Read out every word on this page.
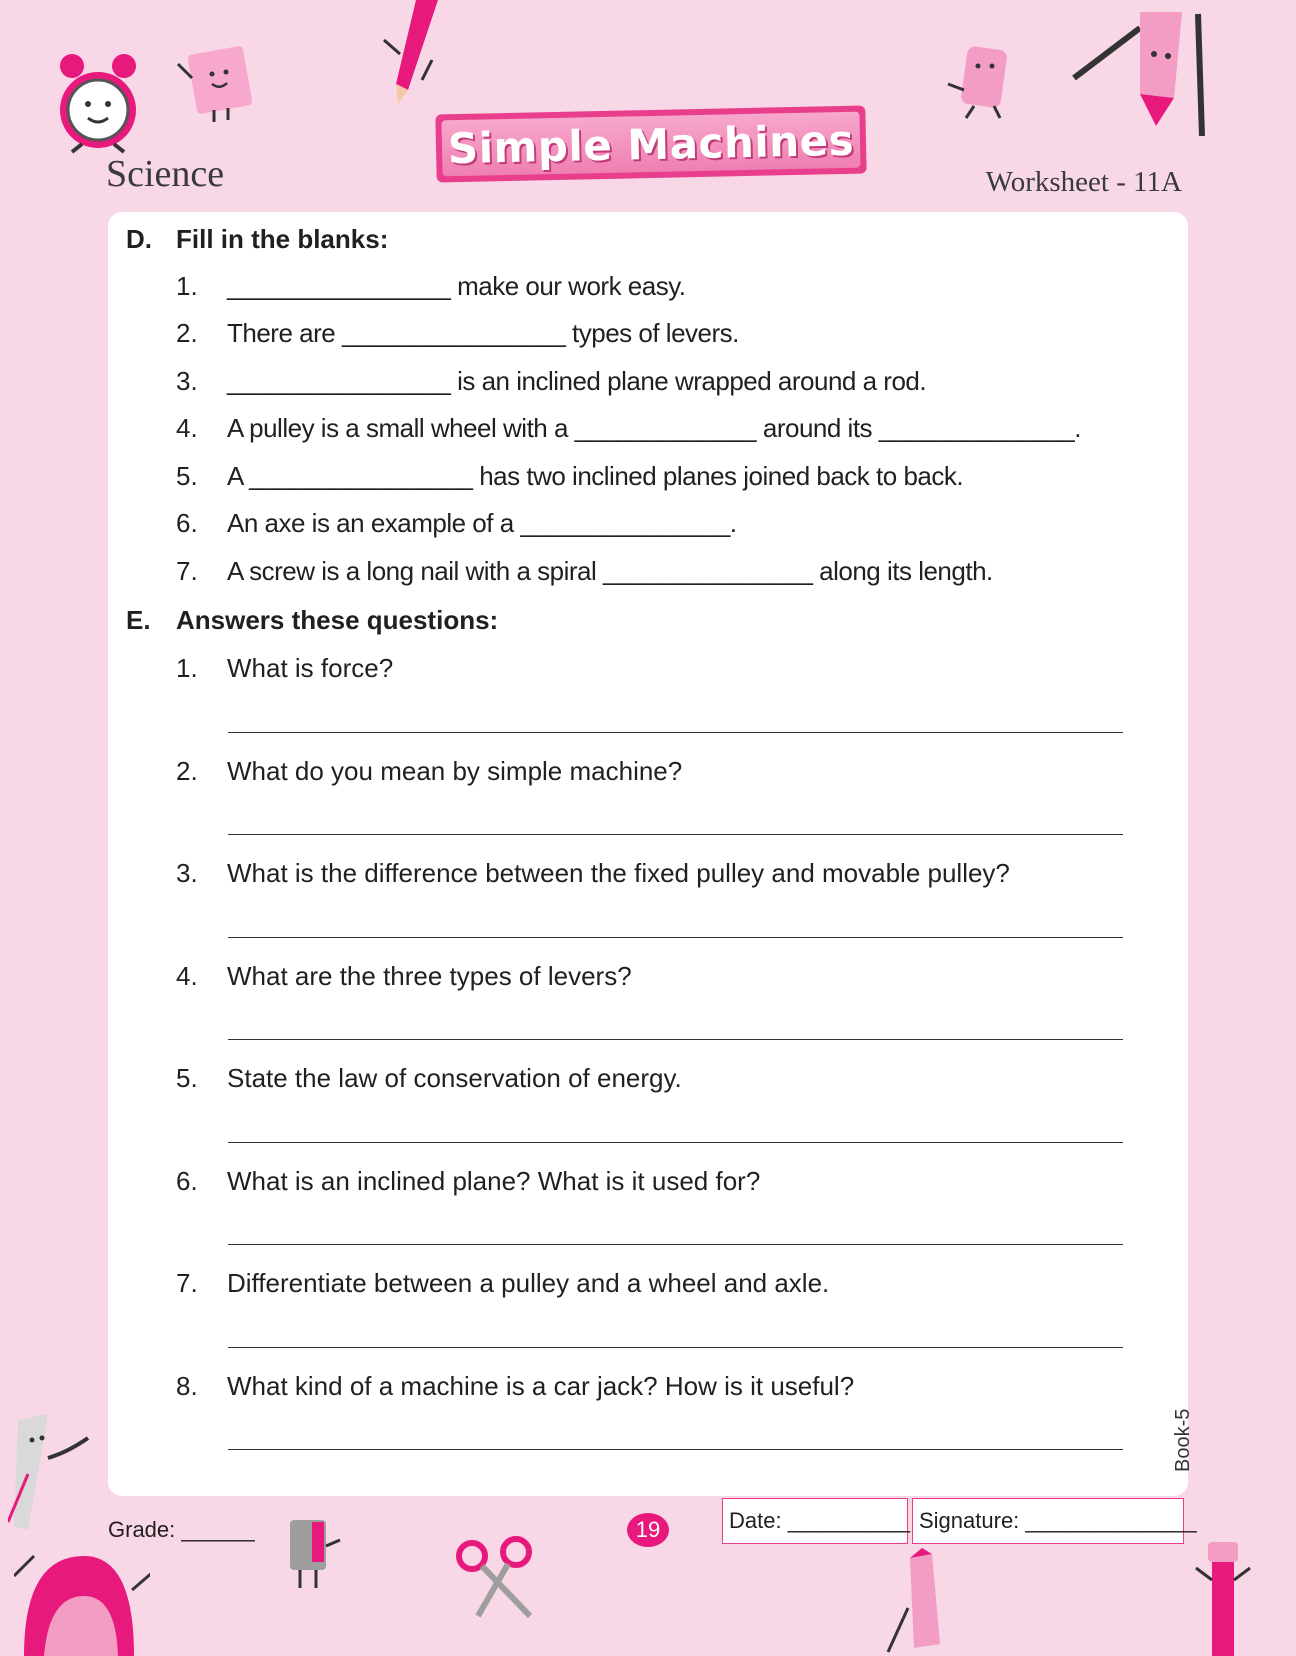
Science
Simple Machines
Worksheet - 11A
D. Fill in the blanks:
1. ________________ make our work easy.
2. There are ________________ types of levers.
3. ________________ is an inclined plane wrapped around a rod.
4. A pulley is a small wheel with a _____________ around its ______________.
5. A ________________ has two inclined planes joined back to back.
6. An axe is an example of a _______________.
7. A screw is a long nail with a spiral _______________ along its length.
E. Answers these questions:
1. What is force?
2. What do you mean by simple machine?
3. What is the difference between the fixed pulley and movable pulley?
4. What are the three types of levers?
5. State the law of conservation of energy.
6. What is an inclined plane? What is it used for?
7. Differentiate between a pulley and a wheel and axle.
8. What kind of a machine is a car jack? How is it useful?
Book-5
Grade: ______	19	Date: __________ Signature: ______________
